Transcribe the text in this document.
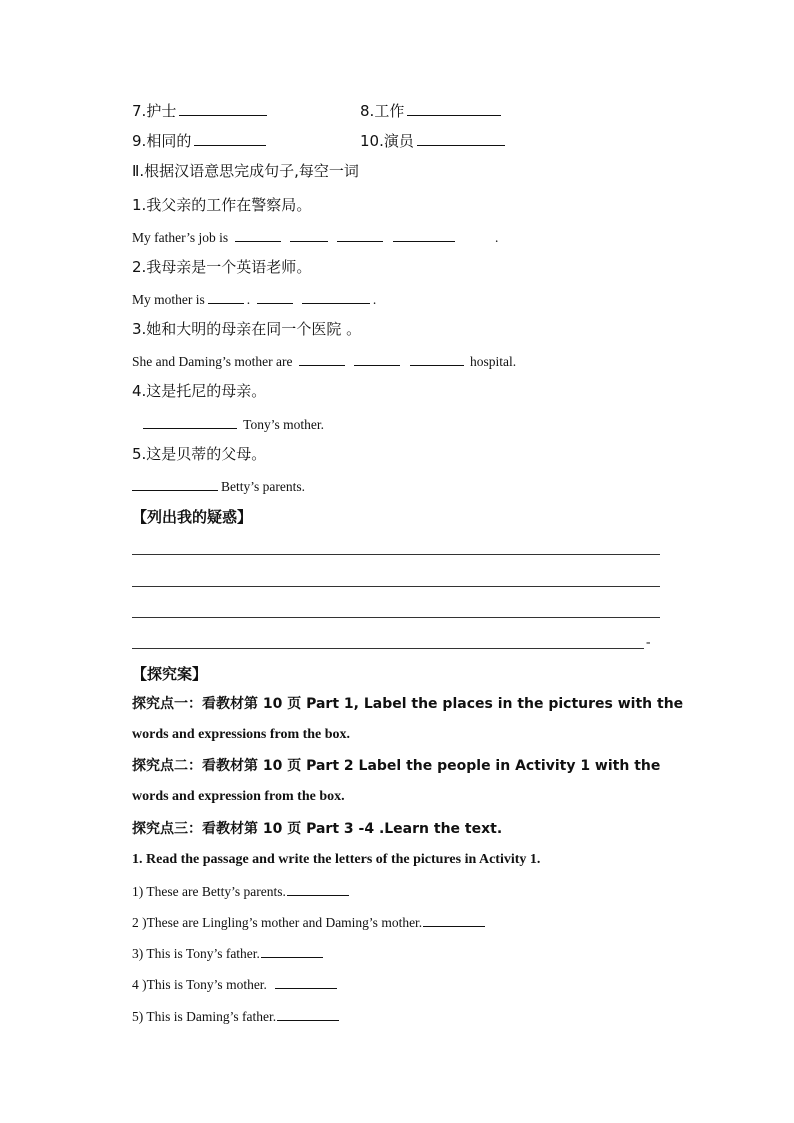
7.护士	8.工作
9.相同的	10.演员
Ⅱ.根据汉语意思完成句子,每空一词
1.我父亲的工作在警察局。
My father’s job is	.
2.我母亲是一个英语老师。
My mother is	.	.
3.她和大明的母亲在同一个医院 。
She and Daming’s mother are	hospital.
4.这是托尼的母亲。
Tony’s mother.
5.这是贝蒂的父母。
Betty’s parents.
【列出我的疑惑】
-
【探究案】
探究点一：看教材第 10 页 Part 1, Label the places in the pictures with the
words and expressions from the box.
探究点二：看教材第 10 页 Part 2 Label the people in Activity 1 with the
words and expression from the box.
探究点三：看教材第 10 页 Part 3 -4 .Learn the text.
1. Read the passage and write the letters of the pictures in Activity 1.
1) These are Betty’s parents.
2 )These are Lingling’s mother and Daming’s mother.
3) This is Tony’s father.
4 )This is Tony’s mother.
5) This is Daming’s father.
